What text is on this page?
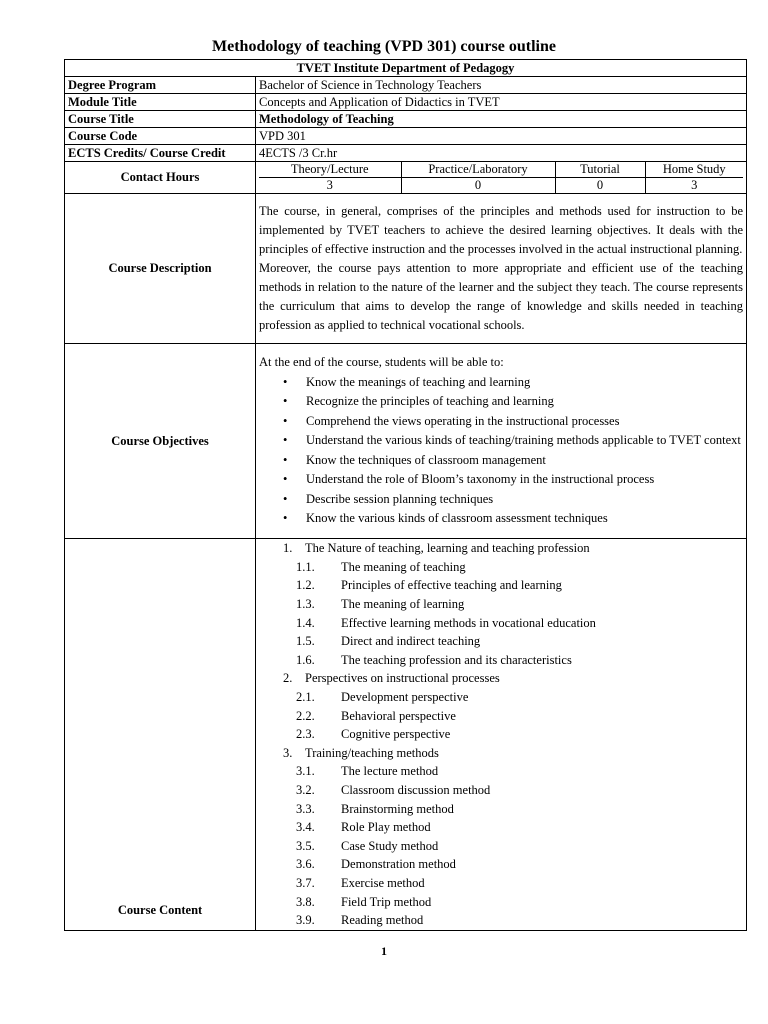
Methodology of teaching (VPD 301) course outline
TVET Institute Department of Pedagogy
Degree Program	Bachelor of Science in Technology Teachers
Module Title	Concepts and Application of Didactics in TVET
Course Title	Methodology of Teaching
Course Code	VPD 301
ECTS Credits/ Course Credit	4ECTS /3 Cr.hr
Contact Hours	
Theory/Lecture	Practice/Laboratory	Tutorial	Home Study
3	0	0	3

Course Description	
The course, in general, comprises of the principles and methods used for instruction to be implemented by TVET teachers to achieve the desired learning objectives. It deals with the principles of effective instruction and the processes involved in the actual instructional planning.
Moreover, the course pays attention to more appropriate and efficient use of the teaching methods in relation to the nature of the learner and the subject they teach. The course represents the curriculum that aims to develop the range of knowledge and skills needed in teaching profession as applied to technical vocational schools.

Course Objectives	
At the end of the course, students will be able to:
• Know the meanings of teaching and learning
• Recognize the principles of teaching and learning
• Comprehend the views operating in the instructional processes
• Understand the various kinds of teaching/training methods applicable to TVET context
• Know the techniques of classroom management
• Understand the role of Bloom’s taxonomy in the instructional process
• Describe session planning techniques
• Know the various kinds of classroom assessment techniques

Course Content	
1. The Nature of teaching, learning and teaching profession
1.1. The meaning of teaching
1.2. Principles of effective teaching and learning
1.3. The meaning of learning
1.4. Effective learning methods in vocational education
1.5. Direct and indirect teaching
1.6. The teaching profession and its characteristics
2. Perspectives on instructional processes
2.1. Development perspective
2.2. Behavioral perspective
2.3. Cognitive perspective
3. Training/teaching methods
3.1. The lecture method
3.2. Classroom discussion method
3.3. Brainstorming method
3.4. Role Play method
3.5. Case Study method
3.6. Demonstration method
3.7. Exercise method
3.8. Field Trip method
3.9. Reading method
1
